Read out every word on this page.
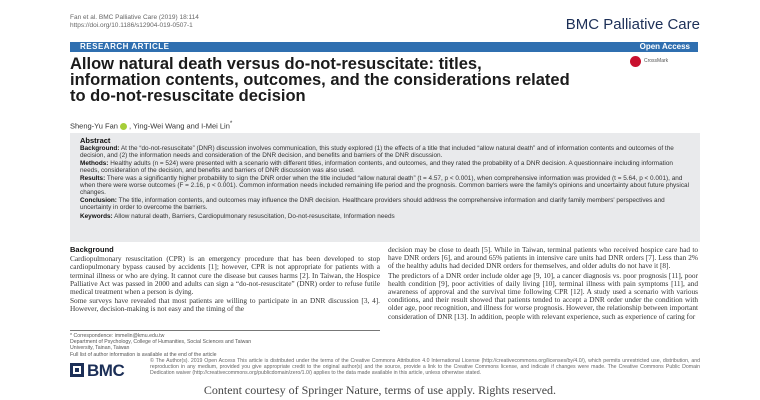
Fan et al. BMC Palliative Care (2019) 18:114
https://doi.org/10.1186/s12904-019-0507-1	BMC Palliative Care
RESEARCH ARTICLE	Open Access
Allow natural death versus do-not-resuscitate: titles, information contents, outcomes, and the considerations related to do-not-resuscitate decision
CrossMark
Sheng-Yu Fan , Ying-Wei Wang and I-Mei Lin*
Abstract

Background: At the “do-not-resuscitate” (DNR) discussion involves communication, this study explored (1) the effects of a title that included “allow natural death” and of information contents and outcomes of the decision, and (2) the information needs and consideration of the DNR decision, and benefits and barriers of the DNR discussion.

Methods: Healthy adults (n = 524) were presented with a scenario with different titles, information contents, and outcomes, and they rated the probability of a DNR decision. A questionnaire including information needs, consideration of the decision, and benefits and barriers of DNR discussion was also used.

Results: There was a significantly higher probability to sign the DNR order when the title included “allow natural death” (t = 4.57, p < 0.001), when comprehensive information was provided (t = 5.64, p < 0.001), and when there were worse outcomes (F = 2.16, p < 0.001). Common information needs included remaining life period and the prognosis. Common barriers were the family's opinions and uncertainty about future physical changes.

Conclusion: The title, information contents, and outcomes may influence the DNR decision. Healthcare providers should address the comprehensive information and clarify family members' perspectives and uncertainty in order to overcome the barriers.

Keywords: Allow natural death, Barriers, Cardiopulmonary resuscitation, Do-not-resuscitate, Information needs

Background

Cardiopulmonary resuscitation (CPR) is an emergency procedure that has been developed to stop cardiopulmonary bypass caused by accidents [1]; however, CPR is not appropriate for patients with a terminal illness or who are dying. It cannot cure the disease but causes harms [2]. In Taiwan, the Hospice Palliative Act was passed in 2000 and adults can sign a “do-not-resuscitate” (DNR) order to refuse futile medical treatment when a person is dying.

Some surveys have revealed that most patients are willing to participate in an DNR discussion [3, 4]. However, decision-making is not easy and the timing of the

decision may be close to death [5]. While in Taiwan, terminal patients who received hospice care had to have DNR orders [6], and around 65% patients in intensive care units had DNR orders [7]. Less than 2% of the healthy adults had decided DNR orders for themselves, and older adults do not have it [8].

The predictors of a DNR order include older age [9, 10], a cancer diagnosis vs. poor prognosis [11], poor health condition [9], poor activities of daily living [10], terminal illness with pain symptoms [11], and awareness of approval and the survival time following CPR [12]. A study used a scenario with various conditions, and their result showed that patients tended to accept a DNR order under the condition with older age, poor recognition, and illness for worse prognosis. However, the relationship between important consideration of DNR [13]. In addition, people with relevant experience, such as experience of caring for

* Correspondence: immelin@kmu.edu.tw
Department of Psychology, College of Humanities, Social Sciences and Taiwan
University, Tainan, Taiwan
Full list of author information is available at the end of the article
BMC	© The Author(s). 2019 Open Access This article is distributed under the terms of the Creative Commons Attribution 4.0 International License (http://creativecommons.org/licenses/by/4.0/), which permits unrestricted use, distribution, and reproduction in any medium, provided you give appropriate credit to the original author(s) and the source, provide a link to the Creative Commons license, and indicate if changes were made. The Creative Commons Public Domain Dedication waiver (http://creativecommons.org/publicdomain/zero/1.0/) applies to the data made available in this article, unless otherwise stated.
Content courtesy of Springer Nature, terms of use apply. Rights reserved.
